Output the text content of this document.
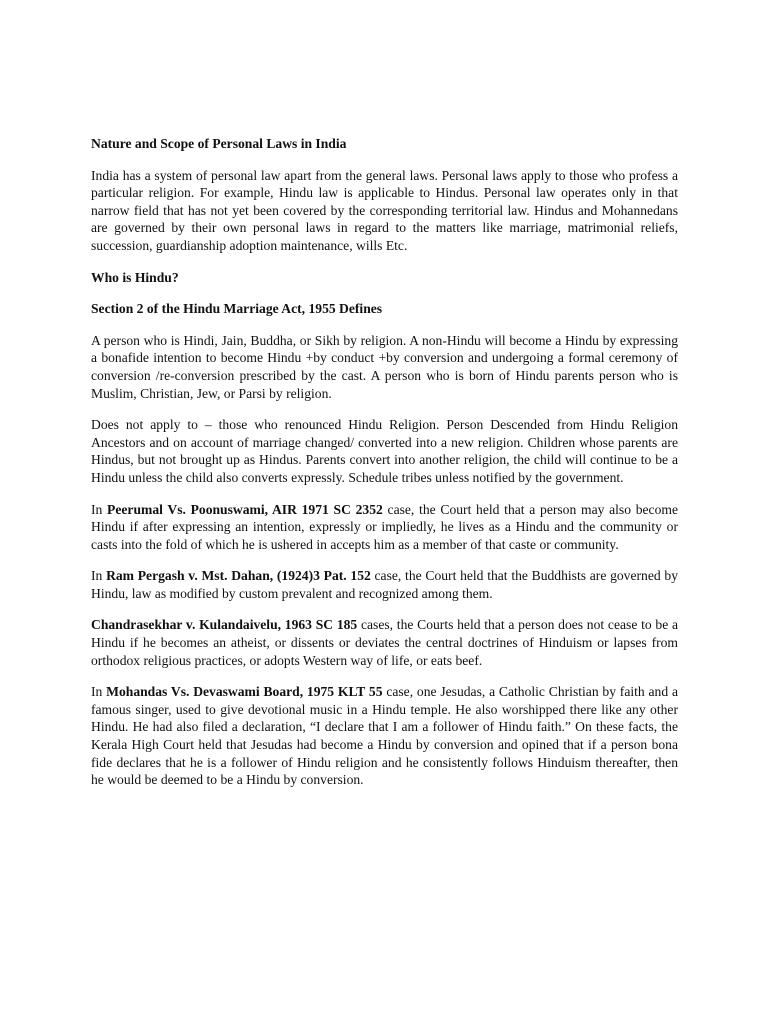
Nature and Scope of Personal Laws in India

India has a system of personal law apart from the general laws. Personal laws apply to those who profess a particular religion. For example, Hindu law is applicable to Hindus. Personal law operates only in that narrow field that has not yet been covered by the corresponding territorial law. Hindus and Mohannedans are governed by their own personal laws in regard to the matters like marriage, matrimonial reliefs, succession, guardianship adoption maintenance, wills Etc.

Who is Hindu?

Section 2 of the Hindu Marriage Act, 1955 Defines

A person who is Hindi, Jain, Buddha, or Sikh by religion. A non-Hindu will become a Hindu by expressing a bonafide intention to become Hindu +by conduct +by conversion and undergoing a formal ceremony of conversion /re-conversion prescribed by the cast. A person who is born of Hindu parents person who is Muslim, Christian, Jew, or Parsi by religion.

Does not apply to – those who renounced Hindu Religion. Person Descended from Hindu Religion Ancestors and on account of marriage changed/ converted into a new religion. Children whose parents are Hindus, but not brought up as Hindus. Parents convert into another religion, the child will continue to be a Hindu unless the child also converts expressly. Schedule tribes unless notified by the government.

In Peerumal Vs. Poonuswami, AIR 1971 SC 2352 case, the Court held that a person may also become Hindu if after expressing an intention, expressly or impliedly, he lives as a Hindu and the community or casts into the fold of which he is ushered in accepts him as a member of that caste or community.

In Ram Pergash v. Mst. Dahan, (1924)3 Pat. 152 case, the Court held that the Buddhists are governed by Hindu, law as modified by custom prevalent and recognized among them.

Chandrasekhar v. Kulandaivelu, 1963 SC 185 cases, the Courts held that a person does not cease to be a Hindu if he becomes an atheist, or dissents or deviates the central doctrines of Hinduism or lapses from orthodox religious practices, or adopts Western way of life, or eats beef.

In Mohandas Vs. Devaswami Board, 1975 KLT 55 case, one Jesudas, a Catholic Christian by faith and a famous singer, used to give devotional music in a Hindu temple. He also worshipped there like any other Hindu. He had also filed a declaration, “I declare that I am a follower of Hindu faith.” On these facts, the Kerala High Court held that Jesudas had become a Hindu by conversion and opined that if a person bona fide declares that he is a follower of Hindu religion and he consistently follows Hinduism thereafter, then he would be deemed to be a Hindu by conversion.
